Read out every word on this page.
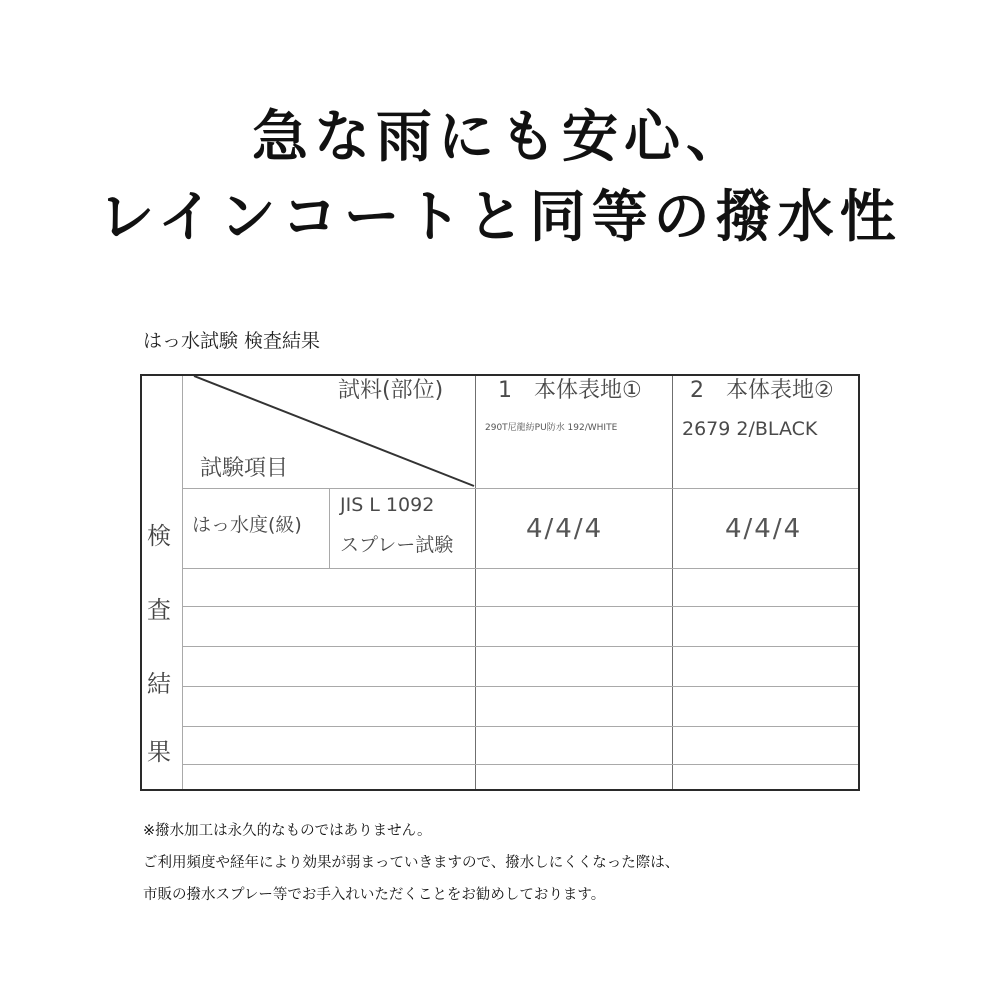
急な雨にも安心、
レインコートと同等の撥水性
はっ水試験 検査結果
試料(部位)
試験項目
1　本体表地①
290T尼龍紡PU防水 192/WHITE
2　本体表地②
2679 2/BLACK
はっ水度(級)
JIS L 1092
スプレー試験
4/4/4	4/4/4
検
査
結
果
※撥水加工は永久的なものではありません。
ご利用頻度や経年により効果が弱まっていきますので、撥水しにくくなった際は、
市販の撥水スプレー等でお手入れいただくことをお勧めしております。
